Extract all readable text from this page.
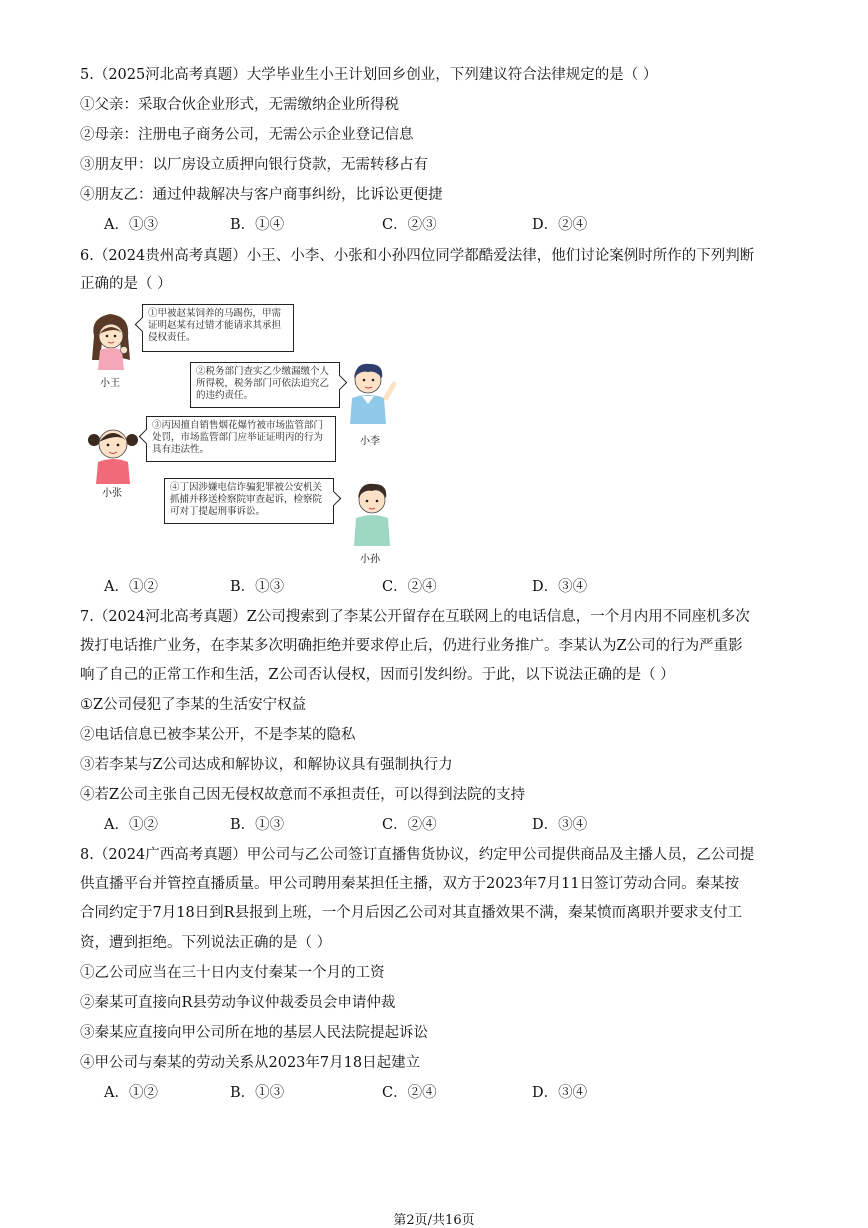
5.（2025河北高考真题）大学毕业生小王计划回乡创业，下列建议符合法律规定的是（ ）
①父亲：采取合伙企业形式，无需缴纳企业所得税
②母亲：注册电子商务公司，无需公示企业登记信息
③朋友甲：以厂房设立质押向银行贷款，无需转移占有
④朋友乙：通过仲裁解决与客户商事纠纷，比诉讼更便捷
A．①③	B．①④	C．②③	D．②④
6.（2024贵州高考真题）小王、小李、小张和小孙四位同学都酷爱法律，他们讨论案例时所作的下列判断
正确的是（ ）
小王
①甲被赵某饲养的马踢伤，甲需证明赵某有过错才能请求其承担侵权责任。
小李
②税务部门查实乙少缴漏缴个人所得税，税务部门可依法追究乙的违约责任。
小张
③丙因擅自销售烟花爆竹被市场监管部门处罚，市场监管部门应举证证明丙的行为具有违法性。
小孙
④丁因涉嫌电信诈骗犯罪被公安机关抓捕并移送检察院审查起诉，检察院可对丁提起刑事诉讼。
A．①②	B．①③	C．②④	D．③④
7.（2024河北高考真题）Z公司搜索到了李某公开留存在互联网上的电话信息，一个月内用不同座机多次
拨打电话推广业务，在李某多次明确拒绝并要求停止后，仍进行业务推广。李某认为Z公司的行为严重影
响了自己的正常工作和生活，Z公司否认侵权，因而引发纠纷。于此，以下说法正确的是（ ）
①Z公司侵犯了李某的生活安宁权益
②电话信息已被李某公开，不是李某的隐私
③若李某与Z公司达成和解协议，和解协议具有强制执行力
④若Z公司主张自己因无侵权故意而不承担责任，可以得到法院的支持
A．①②	B．①③	C．②④	D．③④
8.（2024广西高考真题）甲公司与乙公司签订直播售货协议，约定甲公司提供商品及主播人员，乙公司提
供直播平台并管控直播质量。甲公司聘用秦某担任主播，双方于2023年7月11日签订劳动合同。秦某按
合同约定于7月18日到R县报到上班，一个月后因乙公司对其直播效果不满，秦某愤而离职并要求支付工
资，遭到拒绝。下列说法正确的是（ ）
①乙公司应当在三十日内支付秦某一个月的工资
②秦某可直接向R县劳动争议仲裁委员会申请仲裁
③秦某应直接向甲公司所在地的基层人民法院提起诉讼
④甲公司与秦某的劳动关系从2023年7月18日起建立
A．①②	B．①③	C．②④	D．③④
第2页/共16页
